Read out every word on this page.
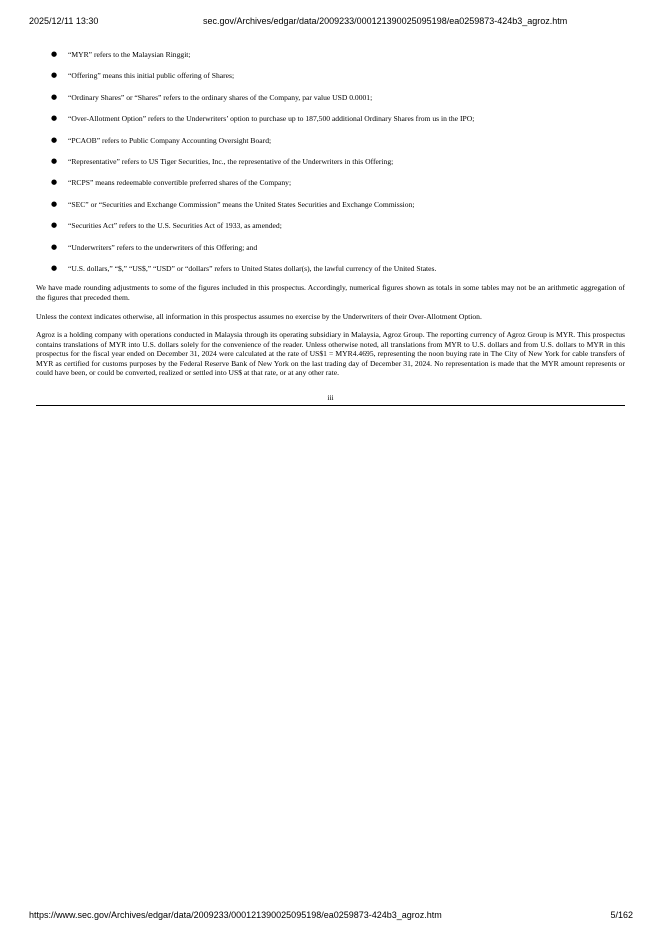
2025/12/11 13:30	sec.gov/Archives/edgar/data/2009233/000121390025095198/ea0259873-424b3_agroz.htm
● “MYR” refers to the Malaysian Ringgit;
● “Offering” means this initial public offering of Shares;
● “Ordinary Shares” or “Shares” refers to the ordinary shares of the Company, par value USD 0.0001;
● “Over-Allotment Option” refers to the Underwriters’ option to purchase up to 187,500 additional Ordinary Shares from us in the IPO;
● “PCAOB” refers to Public Company Accounting Oversight Board;
● “Representative” refers to US Tiger Securities, Inc., the representative of the Underwriters in this Offering;
● “RCPS” means redeemable convertible preferred shares of the Company;
● “SEC” or “Securities and Exchange Commission” means the United States Securities and Exchange Commission;
● “Securities Act” refers to the U.S. Securities Act of 1933, as amended;
● “Underwriters” refers to the underwriters of this Offering; and
● “U.S. dollars,” “$,” “US$,” “USD” or “dollars” refers to United States dollar(s), the lawful currency of the United States.

We have made rounding adjustments to some of the figures included in this prospectus. Accordingly, numerical figures shown as totals in some tables may not be an arithmetic aggregation of the figures that preceded them.

Unless the context indicates otherwise, all information in this prospectus assumes no exercise by the Underwriters of their Over-Allotment Option.

Agroz is a holding company with operations conducted in Malaysia through its operating subsidiary in Malaysia, Agroz Group. The reporting currency of Agroz Group is MYR. This prospectus contains translations of MYR into U.S. dollars solely for the convenience of the reader. Unless otherwise noted, all translations from MYR to U.S. dollars and from U.S. dollars to MYR in this prospectus for the fiscal year ended on December 31, 2024 were calculated at the rate of US$1 = MYR4.4695, representing the noon buying rate in The City of New York for cable transfers of MYR as certified for customs purposes by the Federal Reserve Bank of New York on the last trading day of December 31, 2024. No representation is made that the MYR amount represents or could have been, or could be converted, realized or settled into US$ at that rate, or at any other rate.

iii
https://www.sec.gov/Archives/edgar/data/2009233/000121390025095198/ea0259873-424b3_agroz.htm	5/162
